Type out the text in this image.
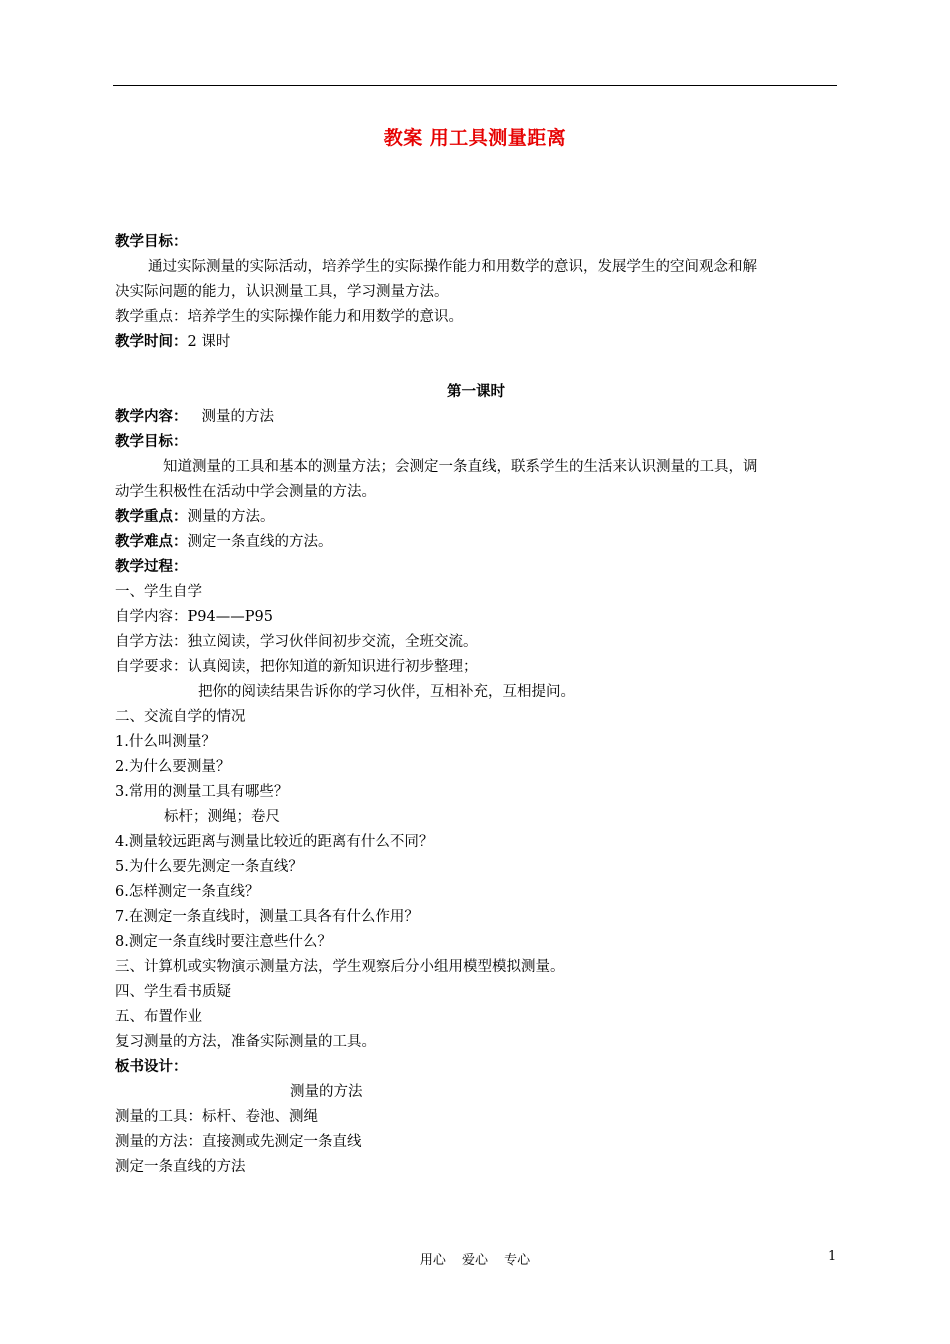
教案 用工具测量距离
教学目标：
通过实际测量的实际活动，培养学生的实际操作能力和用数学的意识，发展学生的空间观念和解
决实际问题的能力，认识测量工具，学习测量方法。
教学重点：培养学生的实际操作能力和用数学的意识。
教学时间：2 课时
第一课时
教学内容： 测量的方法
教学目标：
知道测量的工具和基本的测量方法；会测定一条直线，联系学生的生活来认识测量的工具，调
动学生积极性在活动中学会测量的方法。
教学重点：测量的方法。
教学难点：测定一条直线的方法。
教学过程：
一、学生自学
自学内容：P94——P95
自学方法：独立阅读，学习伙伴间初步交流，全班交流。
自学要求：认真阅读，把你知道的新知识进行初步整理；
把你的阅读结果告诉你的学习伙伴，互相补充，互相提问。
二、交流自学的情况
1.什么叫测量？
2.为什么要测量？
3.常用的测量工具有哪些？
标杆；测绳；卷尺
4.测量较远距离与测量比较近的距离有什么不同？
5.为什么要先测定一条直线？
6.怎样测定一条直线？
7.在测定一条直线时，测量工具各有什么作用？
8.测定一条直线时要注意些什么？
三、计算机或实物演示测量方法，学生观察后分小组用模型模拟测量。
四、学生看书质疑
五、布置作业
复习测量的方法，准备实际测量的工具。
板书设计：
测量的方法
测量的工具：标杆、卷池、测绳
测量的方法：直接测或先测定一条直线
测定一条直线的方法
用心 爱心 专心	1
